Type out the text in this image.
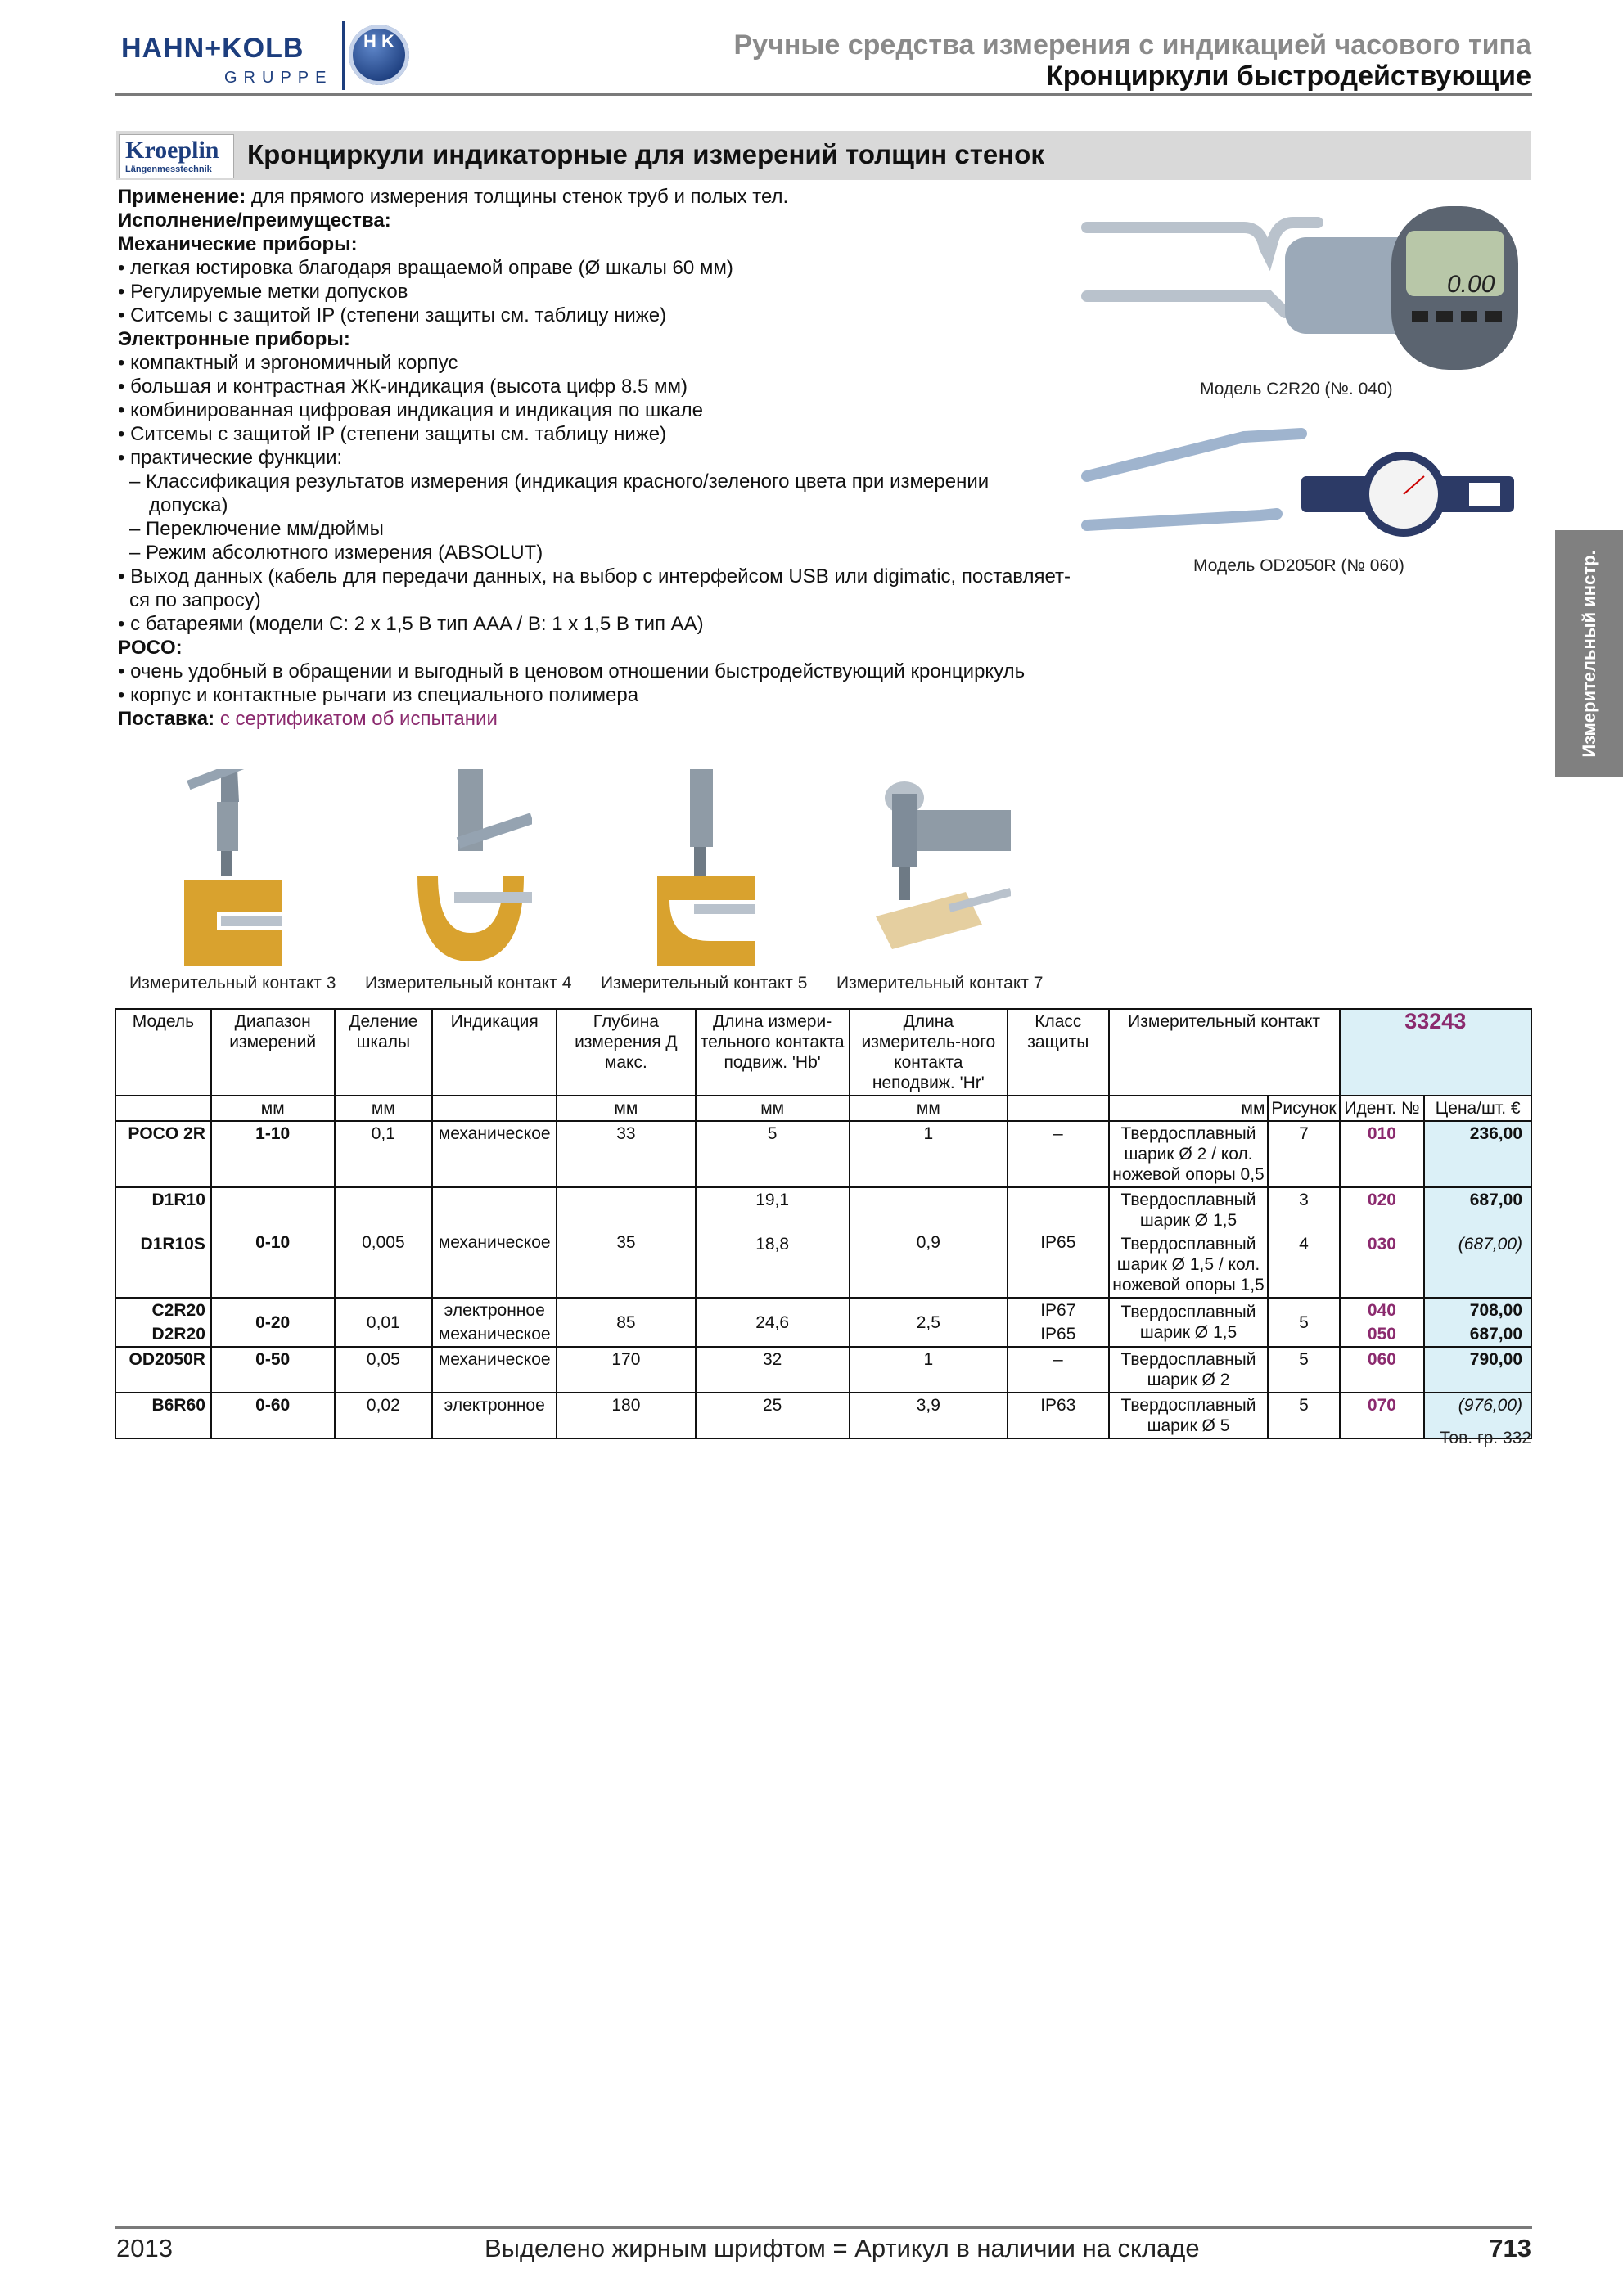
HAHN+KOLB
GRUPPE
H K	Ручные средства измерения с индикацией часового типа
Кронциркули быстродействующие
Kroeplin
Längenmesstechnik Кронциркули индикаторные для измерений толщин стенок
Применение: для прямого измерения толщины стенок труб и полых тел.
Исполнение/преимущества:
Механические приборы:
• легкая юстировка благодаря вращаемой оправе (Ø шкалы 60 мм)
• Регулируемые метки допусков
• Ситсемы с защитой IP (степени защиты см. таблицу ниже)
Электронные приборы:
• компактный и эргономичный корпус
• большая и контрастная ЖК-индикация (высота цифр 8.5 мм)
• комбинированная цифровая индикация и индикация по шкале
• Ситсемы с защитой IP (степени защиты см. таблицу ниже)
• практические функции:
– Классификация результатов измерения (индикация красного/зеленого цвета при измерении
допуска)
– Переключение мм/дюймы
– Режим абсолютного измерения (ABSOLUT)
• Выход данных (кабель для передачи данных, на выбор с интерфейсом USB или digimatic, поставляет-
ся по запросу)
• с батареями (модели C: 2 x 1,5 В тип AAA / B: 1 x 1,5 В тип AA)
POCO:
• очень удобный в обращении и выгодный в ценовом отношении быстродействующий кронциркуль
• корпус и контактные рычаги из специального полимера
Поставка: с сертификатом об испытании
0.00
Модель C2R20 (№. 040)
Модель OD2050R (№ 060)	Измерительный инстр.
Измерительный контакт 3 Измерительный контакт 4 Измерительный контакт 5 Измерительный контакт 7
Модель	Диапазон измерений	Деление шкалы	Индикация	Глубина измерения Д макс.	Длина измери-тельного контакта подвиж. 'Hb'	Длина измеритель-ного контакта неподвиж. 'Hr'	Класс защиты	Измерительный контакт		33243	
	мм	мм		мм	мм	мм		мм	Рисунок	Идент. №	Цена/шт. €
POCO 2R	1-10	0,1	механическое	33	5	1	–	Твердосплавный шарик Ø 2 / кол. ножевой опоры 0,5	7	010	236,00
D1R10	0-10	0,005	механическое	35	19,1	0,9	IP65	Твердосплавный шарик Ø 1,5	3	020	687,00
D1R10S					18,8			Твердосплавный шарик Ø 1,5 / кол. ножевой опоры 1,5	4	030	(687,00)
C2R20	0-20	0,01	электронное	85	24,6	2,5	IP67	Твердосплавный шарик Ø 1,5	5	040	708,00
D2R20			механическое				IP65			050	687,00
OD2050R	0-50	0,05	механическое	170	32	1	–	Твердосплавный шарик Ø 2	5	060	790,00
B6R60	0-60	0,02	электронное	180	25	3,9	IP63	Твердосплавный шарик Ø 5	5	070	(976,00)
Тов. гр. 332
2013	Выделено жирным шрифтом = Артикул в наличии на складе	713
